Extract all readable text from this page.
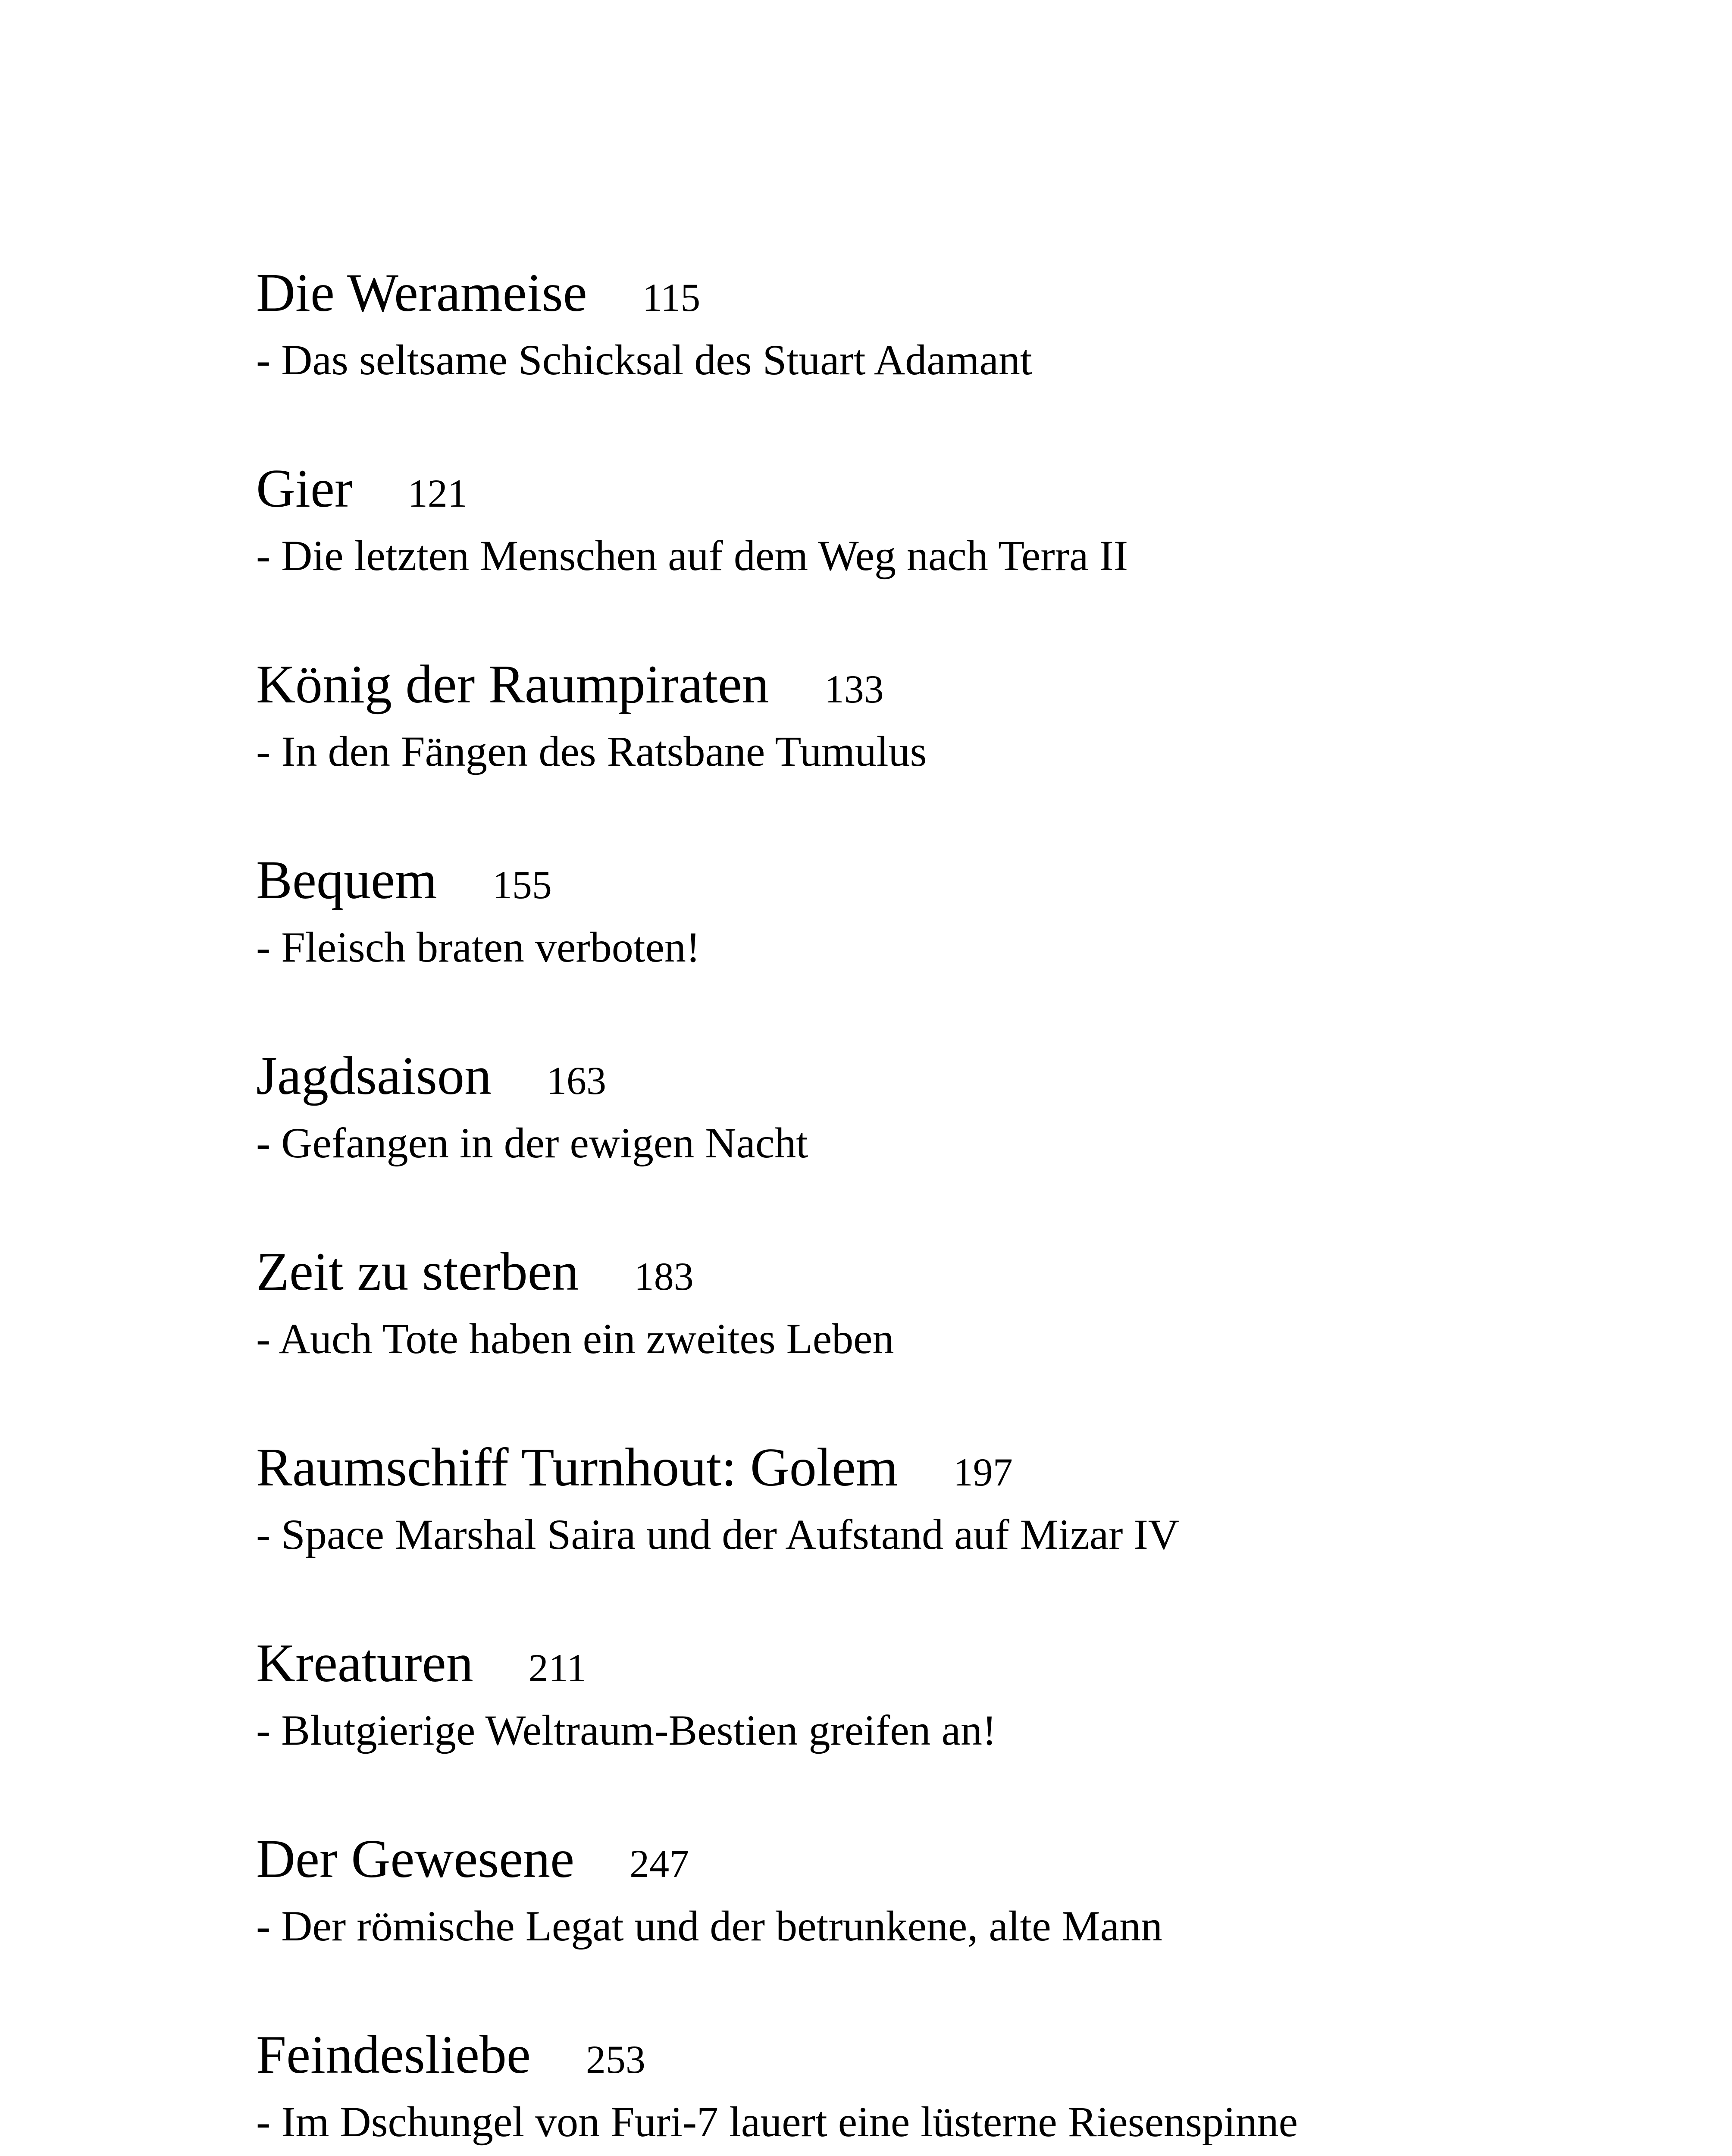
Die Werameise 115
- Das seltsame Schicksal des Stuart Adamant
Gier 121
- Die letzten Menschen auf dem Weg nach Terra II
König der Raumpiraten 133
- In den Fängen des Ratsbane Tumulus
Bequem 155
- Fleisch braten verboten!
Jagdsaison 163
- Gefangen in der ewigen Nacht
Zeit zu sterben 183
- Auch Tote haben ein zweites Leben
Raumschiff Turnhout: Golem 197
- Space Marshal Saira und der Aufstand auf Mizar IV
Kreaturen 211
- Blutgierige Weltraum-Bestien greifen an!
Der Gewesene 247
- Der römische Legat und der betrunkene, alte Mann
Feindesliebe 253
- Im Dschungel von Furi-7 lauert eine lüsterne Riesenspinne
